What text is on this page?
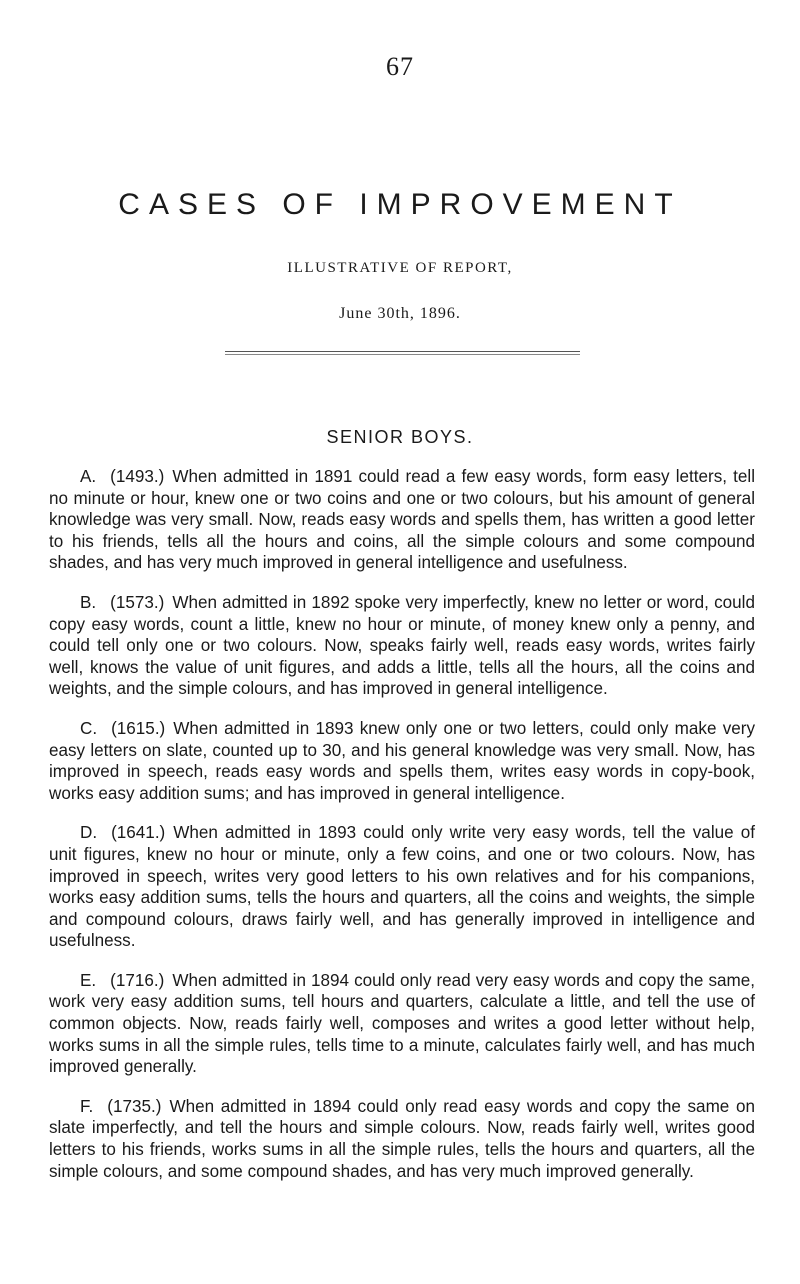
67
CASES OF IMPROVEMENT
ILLUSTRATIVE OF REPORT,
June 30th, 1896.
SENIOR BOYS.

A. (1493.) When admitted in 1891 could read a few easy words, form easy letters, tell no minute or hour, knew one or two coins and one or two colours, but his amount of general knowledge was very small. Now, reads easy words and spells them, has written a good letter to his friends, tells all the hours and coins, all the simple colours and some compound shades, and has very much improved in general intelligence and usefulness.

B. (1573.) When admitted in 1892 spoke very imperfectly, knew no letter or word, could copy easy words, count a little, knew no hour or minute, of money knew only a penny, and could tell only one or two colours. Now, speaks fairly well, reads easy words, writes fairly well, knows the value of unit figures, and adds a little, tells all the hours, all the coins and weights, and the simple colours, and has improved in general intelligence.

C. (1615.) When admitted in 1893 knew only one or two letters, could only make very easy letters on slate, counted up to 30, and his general knowledge was very small. Now, has improved in speech, reads easy words and spells them, writes easy words in copy-book, works easy addition sums; and has improved in general intelligence.

D. (1641.) When admitted in 1893 could only write very easy words, tell the value of unit figures, knew no hour or minute, only a few coins, and one or two colours. Now, has improved in speech, writes very good letters to his own relatives and for his companions, works easy addition sums, tells the hours and quarters, all the coins and weights, the simple and compound colours, draws fairly well, and has generally improved in intelligence and usefulness.

E. (1716.) When admitted in 1894 could only read very easy words and copy the same, work very easy addition sums, tell hours and quarters, calculate a little, and tell the use of common objects. Now, reads fairly well, composes and writes a good letter without help, works sums in all the simple rules, tells time to a minute, calculates fairly well, and has much improved generally.

F. (1735.) When admitted in 1894 could only read easy words and copy the same on slate imperfectly, and tell the hours and simple colours. Now, reads fairly well, writes good letters to his friends, works sums in all the simple rules, tells the hours and quarters, all the simple colours, and some compound shades, and has very much improved generally.
